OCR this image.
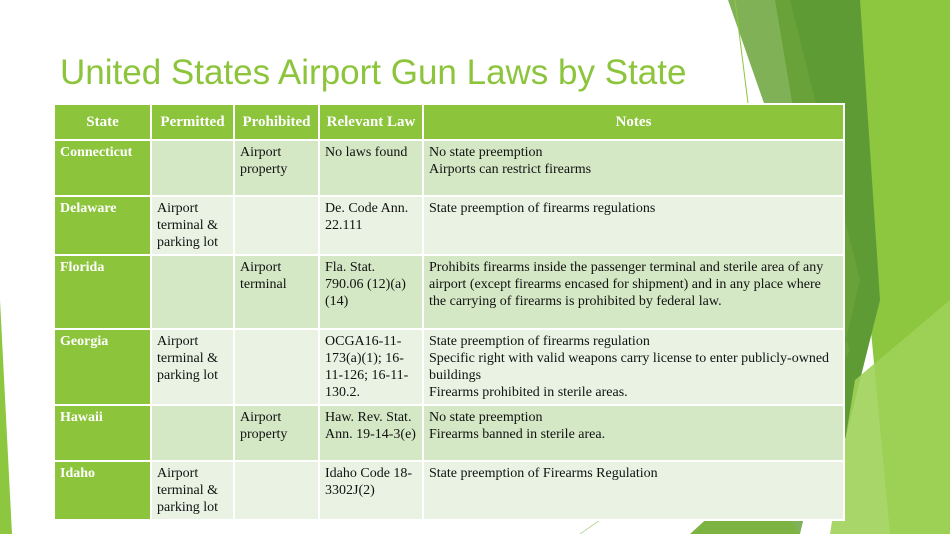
United States Airport Gun Laws by State
State	Permitted	Prohibited	Relevant Law	Notes
Connecticut		Airport property	No laws found	No state preemption
Airports can restrict firearms

Delaware	Airport terminal & parking lot		De. Code Ann. 22.111	State preemption of firearms regulations

Florida		Airport terminal	Fla. Stat. 790.06 (12)(a)(14)	Prohibits firearms inside the passenger terminal and sterile area of any airport (except firearms encased for shipment) and in any place where the carrying of firearms is prohibited by federal law.

Georgia	Airport terminal & parking lot		OCGA16-11-173(a)(1); 16-11-126; 16-11-130.2.	State preemption of firearms regulation
Specific right with valid weapons carry license to enter publicly-owned buildings
Firearms prohibited in sterile areas.

Hawaii		Airport property	Haw. Rev. Stat. Ann. 19-14-3(e)	No state preemption
Firearms banned in sterile area.

Idaho	Airport terminal & parking lot		Idaho Code 18-3302J(2)	State preemption of Firearms Regulation
